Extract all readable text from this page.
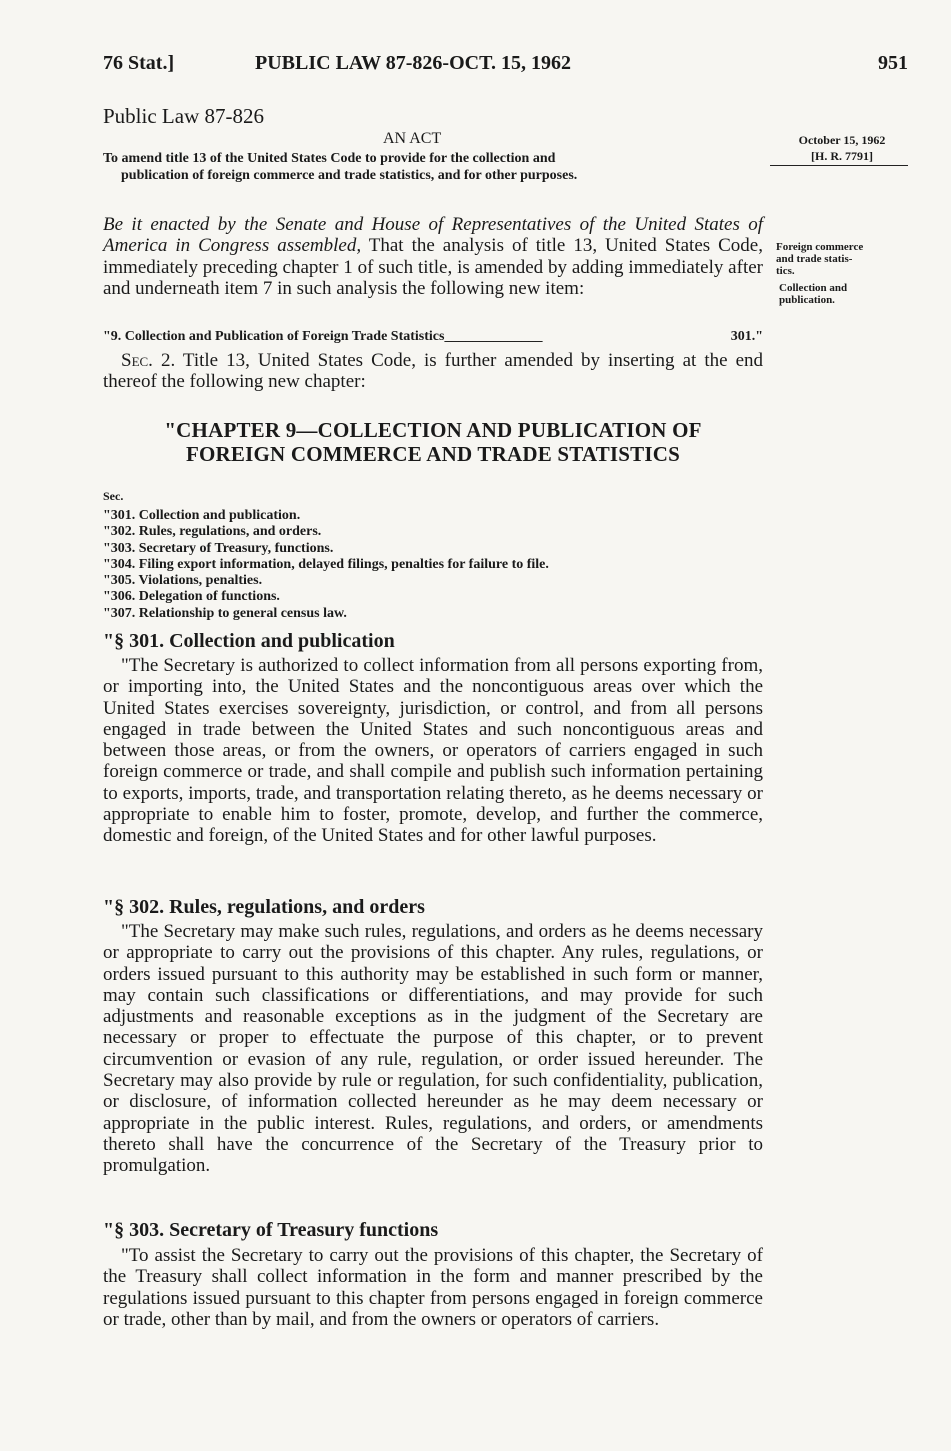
76 Stat.]	PUBLIC LAW 87-826-OCT. 15, 1962	951
Public Law 87-826
AN ACT
To amend title 13 of the United States Code to provide for the collection and
publication of foreign commerce and trade statistics, and for other purposes.
October 15, 1962
[H. R. 7791]
Foreign commerce
and trade statis-
tics.
Collection and
publication.
Be it enacted by the Senate and House of Representatives of the United States of America in Congress assembled, That the analysis of title 13, United States Code, immediately preceding chapter 1 of such title, is amended by adding immediately after and underneath item 7 in such analysis the following new item:
"9. Collection and Publication of Foreign Trade Statistics______________	301."
Sec. 2. Title 13, United States Code, is further amended by inserting at the end thereof the following new chapter:
"CHAPTER 9—COLLECTION AND PUBLICATION OF
FOREIGN COMMERCE AND TRADE STATISTICS
Sec.
"301. Collection and publication.
"302. Rules, regulations, and orders.
"303. Secretary of Treasury, functions.
"304. Filing export information, delayed filings, penalties for failure to file.
"305. Violations, penalties.
"306. Delegation of functions.
"307. Relationship to general census law.
"§ 301. Collection and publication
"The Secretary is authorized to collect information from all persons exporting from, or importing into, the United States and the noncontiguous areas over which the United States exercises sovereignty, jurisdiction, or control, and from all persons engaged in trade between the United States and such noncontiguous areas and between those areas, or from the owners, or operators of carriers engaged in such foreign commerce or trade, and shall compile and publish such information pertaining to exports, imports, trade, and transportation relating thereto, as he deems necessary or appropriate to enable him to foster, promote, develop, and further the commerce, domestic and foreign, of the United States and for other lawful purposes.
"§ 302. Rules, regulations, and orders
"The Secretary may make such rules, regulations, and orders as he deems necessary or appropriate to carry out the provisions of this chapter. Any rules, regulations, or orders issued pursuant to this authority may be established in such form or manner, may contain such classifications or differentiations, and may provide for such adjustments and reasonable exceptions as in the judgment of the Secretary are necessary or proper to effectuate the purpose of this chapter, or to prevent circumvention or evasion of any rule, regulation, or order issued hereunder. The Secretary may also provide by rule or regulation, for such confidentiality, publication, or disclosure, of information collected hereunder as he may deem necessary or appropriate in the public interest. Rules, regulations, and orders, or amendments thereto shall have the concurrence of the Secretary of the Treasury prior to promulgation.
"§ 303. Secretary of Treasury functions
"To assist the Secretary to carry out the provisions of this chapter, the Secretary of the Treasury shall collect information in the form and manner prescribed by the regulations issued pursuant to this chapter from persons engaged in foreign commerce or trade, other than by mail, and from the owners or operators of carriers.
